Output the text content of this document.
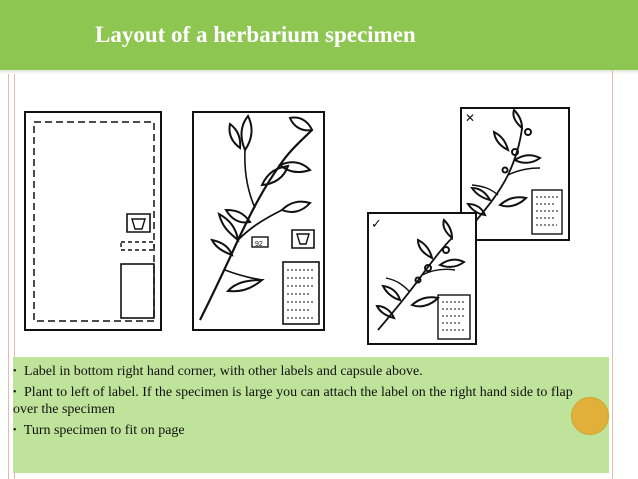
Layout of a herbarium specimen
92
✕
✓
• Label in bottom right hand corner, with other labels and capsule above.
• Plant to left of label. If the specimen is large you can attach the label on the right hand side to flap over the specimen
• Turn specimen to fit on page
